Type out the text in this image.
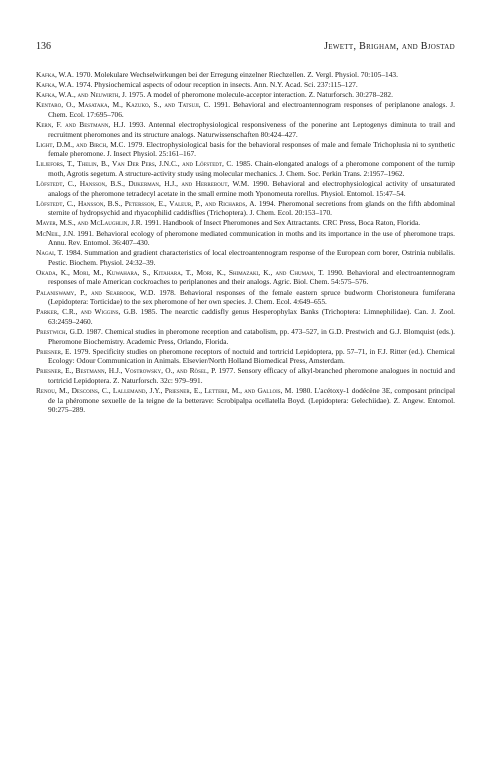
136	Jewett, Brigham, and Bjostad

Kafka, W.A. 1970. Molekulare Wechselwirkungen bei der Erregung einzelner Riechzellen. Z. Vergl. Physiol. 70:105–143.

Kafka, W.A. 1974. Physiochemical aspects of odour reception in insects. Ann. N.Y. Acad. Sci. 237:115–127.

Kafka, W.A., and Neuwirth, J. 1975. A model of pheromone molecule-acceptor interaction. Z. Naturforsch. 30:278–282.

Kentaro, O., Masataka, M., Kazuko, S., and Tatsuji, C. 1991. Behavioral and electroantennogram responses of periplanone analogs. J. Chem. Ecol. 17:695–706.

Kern, F. and Bestmann, H.J. 1993. Antennal electrophysiological responsiveness of the ponerine ant Leptogenys diminuta to trail and recruitment pheromones and its structure analogs. Naturwissenschaften 80:424–427.

Light, D.M., and Birch, M.C. 1979. Electrophysiological basis for the behavioral responses of male and female Trichoplusia ni to synthetic female pheromone. J. Insect Physiol. 25:161–167.

Liljefors, T., Thelin, B., Van Der Pers, J.N.C., and Löfstedt, C. 1985. Chain-elongated analogs of a pheromone component of the turnip moth, Agrotis segetum. A structure-activity study using molecular mechanics. J. Chem. Soc. Perkin Trans. 2:1957–1962.

Löfstedt, C., Hansson, B.S., Dijkerman, H.J., and Herrebout, W.M. 1990. Behavioral and electrophysiological activity of unsaturated analogs of the pheromone tetradecyl acetate in the small ermine moth Yponomeuta rorellus. Physiol. Entomol. 15:47–54.

Löfstedt, C., Hansson, B.S., Petersson, E., Valeur, P., and Richards, A. 1994. Pheromonal secretions from glands on the fifth abdominal sternite of hydropsychid and rhyacophilid caddisflies (Trichoptera). J. Chem. Ecol. 20:153–170.

Mayer, M.S., and McLaughlin, J.R. 1991. Handbook of Insect Pheromones and Sex Attractants. CRC Press, Boca Raton, Florida.

McNeil, J.N. 1991. Behavioral ecology of pheromone mediated communication in moths and its importance in the use of pheromone traps. Annu. Rev. Entomol. 36:407–430.

Nagai, T. 1984. Summation and gradient characteristics of local electroantennogram response of the European corn borer, Ostrinia nubilalis. Pestic. Biochem. Physiol. 24:32–39.

Okada, K., Mori, M., Kuwahara, S., Kitahara, T., Mori, K., Shimazaki, K., and Chuman, T. 1990. Behavioral and electroantennogram responses of male American cockroaches to periplanones and their analogs. Agric. Biol. Chem. 54:575–576.

Palaniswamy, P., and Seabrook, W.D. 1978. Behavioral responses of the female eastern spruce budworm Choristoneura fumiferana (Lepidoptera: Torticidae) to the sex pheromone of her own species. J. Chem. Ecol. 4:649–655.

Parker, C.R., and Wiggins, G.B. 1985. The nearctic caddisfly genus Hesperophylax Banks (Trichoptera: Limnephilidae). Can. J. Zool. 63:2459–2460.

Prestwich, G.D. 1987. Chemical studies in pheromone reception and catabolism, pp. 473–527, in G.D. Prestwich and G.J. Blomquist (eds.). Pheromone Biochemistry. Academic Press, Orlando, Florida.

Priesner, E. 1979. Specificity studies on pheromone receptors of noctuid and tortricid Lepidoptera, pp. 57–71, in F.J. Ritter (ed.). Chemical Ecology: Odour Communication in Animals. Elsevier/North Holland Biomedical Press, Amsterdam.

Priesner, E., Bestmann, H.J., Vostrowsky, O., and Rösel, P. 1977. Sensory efficacy of alkyl-branched pheromone analogues in noctuid and tortricid Lepidoptera. Z. Naturforsch. 32c: 979–991.

Renou, M., Descoins, C., Lallemand, J.Y., Priesner, E., Lettere, M., and Gallois, M. 1980. L'acétoxy-1 dodécène 3E, composant principal de la phéromone sexuelle de la teigne de la betterave: Scrobipalpa ocellatella Boyd. (Lepidoptera: Gelechiidae). Z. Angew. Entomol. 90:275–289.
